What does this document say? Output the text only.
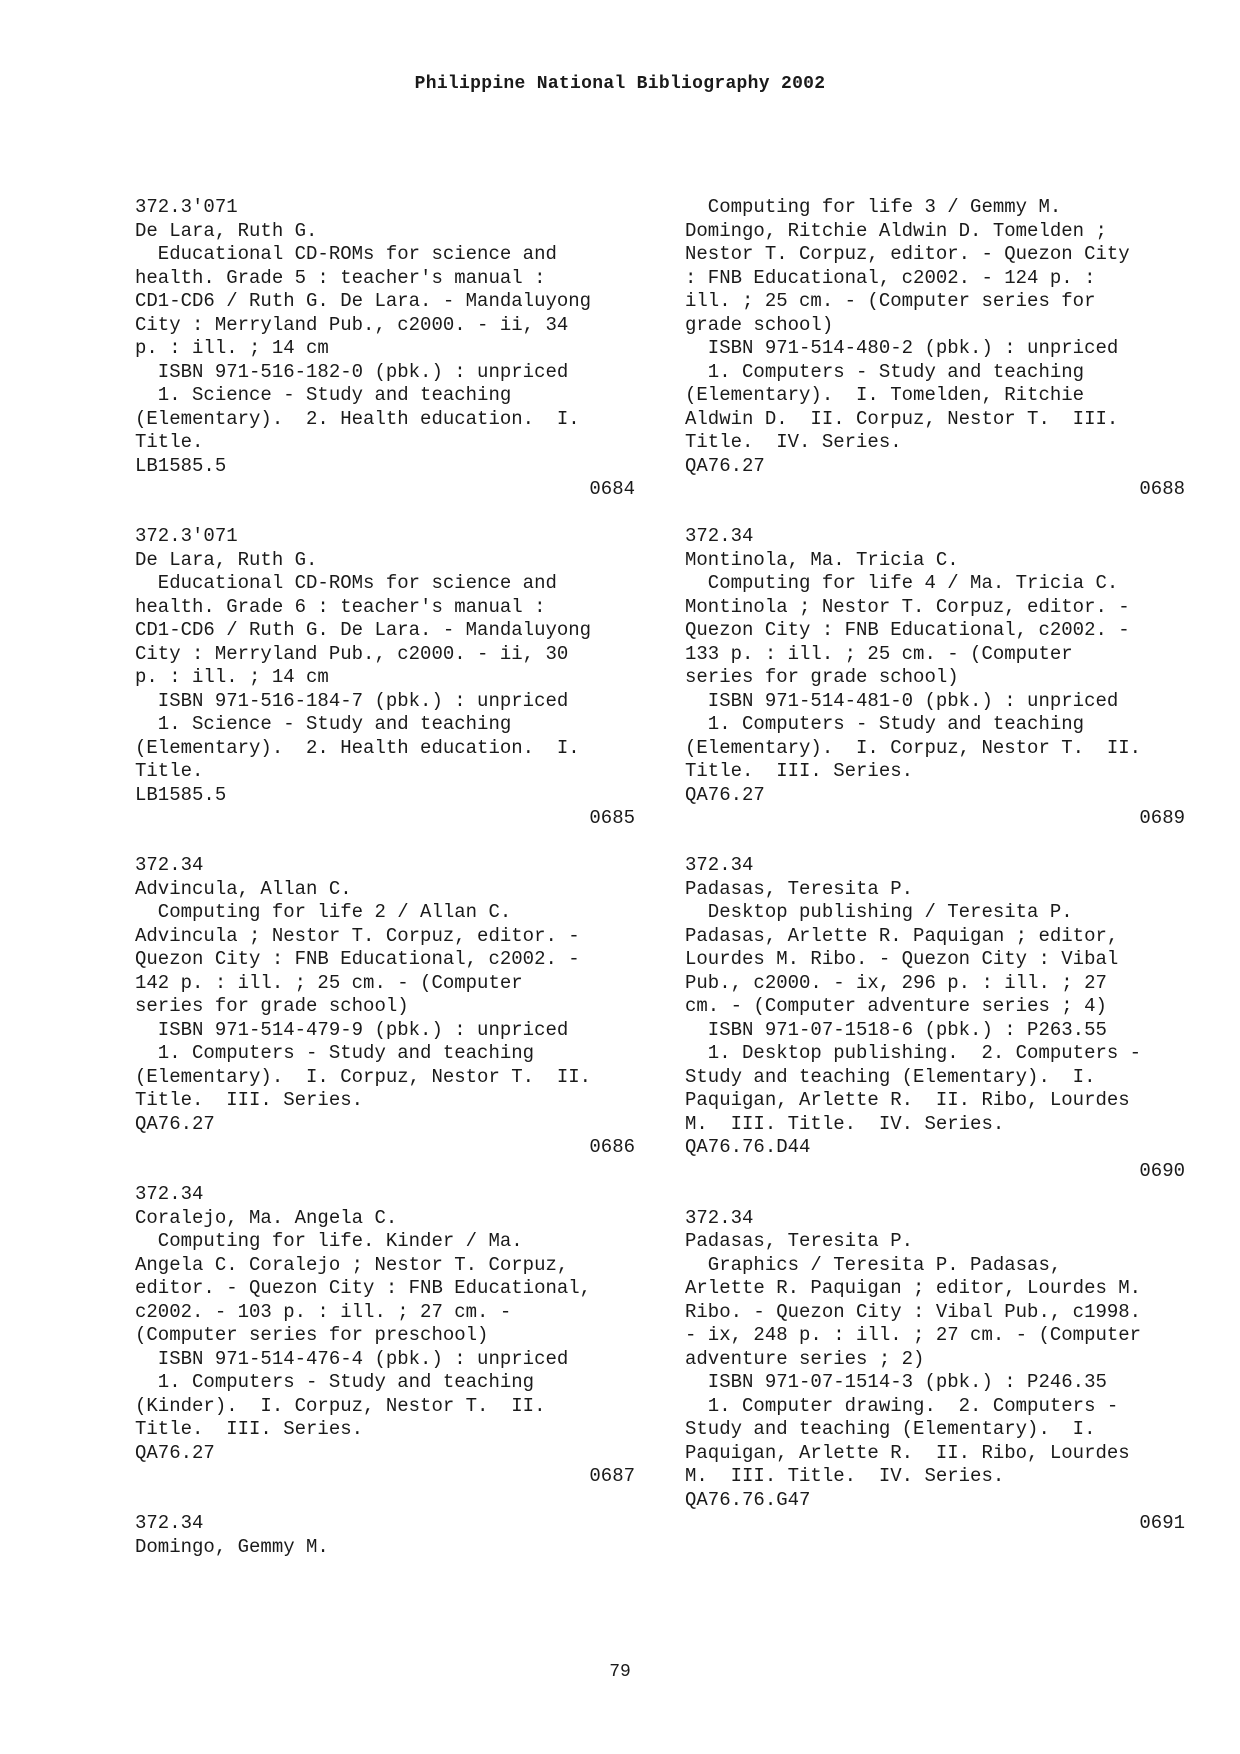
Philippine National Bibliography 2002
372.3'071
De Lara, Ruth G.
Educational CD-ROMs for science and
health. Grade 5 : teacher's manual :
CD1-CD6 / Ruth G. De Lara. - Mandaluyong
City : Merryland Pub., c2000. - ii, 34
p. : ill. ; 14 cm
ISBN 971-516-182-0 (pbk.) : unpriced
1. Science - Study and teaching
(Elementary).  2. Health education.  I.
Title.
LB1585.5
0684
372.3'071
De Lara, Ruth G.
Educational CD-ROMs for science and
health. Grade 6 : teacher's manual :
CD1-CD6 / Ruth G. De Lara. - Mandaluyong
City : Merryland Pub., c2000. - ii, 30
p. : ill. ; 14 cm
ISBN 971-516-184-7 (pbk.) : unpriced
1. Science - Study and teaching
(Elementary).  2. Health education.  I.
Title.
LB1585.5
0685
372.34
Advincula, Allan C.
Computing for life 2 / Allan C.
Advincula ; Nestor T. Corpuz, editor. -
Quezon City : FNB Educational, c2002. -
142 p. : ill. ; 25 cm. - (Computer
series for grade school)
ISBN 971-514-479-9 (pbk.) : unpriced
1. Computers - Study and teaching
(Elementary).  I. Corpuz, Nestor T.  II.
Title.  III. Series.
QA76.27
0686
372.34
Coralejo, Ma. Angela C.
Computing for life. Kinder / Ma.
Angela C. Coralejo ; Nestor T. Corpuz,
editor. - Quezon City : FNB Educational,
c2002. - 103 p. : ill. ; 27 cm. -
(Computer series for preschool)
ISBN 971-514-476-4 (pbk.) : unpriced
1. Computers - Study and teaching
(Kinder).  I. Corpuz, Nestor T.  II.
Title.  III. Series.
QA76.27
0687
372.34
Domingo, Gemmy M.
Computing for life 3 / Gemmy M.
Domingo, Ritchie Aldwin D. Tomelden ;
Nestor T. Corpuz, editor. - Quezon City
: FNB Educational, c2002. - 124 p. :
ill. ; 25 cm. - (Computer series for
grade school)
ISBN 971-514-480-2 (pbk.) : unpriced
1. Computers - Study and teaching
(Elementary).  I. Tomelden, Ritchie
Aldwin D.  II. Corpuz, Nestor T.  III.
Title.  IV. Series.
QA76.27
0688
372.34
Montinola, Ma. Tricia C.
Computing for life 4 / Ma. Tricia C.
Montinola ; Nestor T. Corpuz, editor. -
Quezon City : FNB Educational, c2002. -
133 p. : ill. ; 25 cm. - (Computer
series for grade school)
ISBN 971-514-481-0 (pbk.) : unpriced
1. Computers - Study and teaching
(Elementary).  I. Corpuz, Nestor T.  II.
Title.  III. Series.
QA76.27
0689
372.34
Padasas, Teresita P.
Desktop publishing / Teresita P.
Padasas, Arlette R. Paquigan ; editor,
Lourdes M. Ribo. - Quezon City : Vibal
Pub., c2000. - ix, 296 p. : ill. ; 27
cm. - (Computer adventure series ; 4)
ISBN 971-07-1518-6 (pbk.) : P263.55
1. Desktop publishing.  2. Computers -
Study and teaching (Elementary).  I.
Paquigan, Arlette R.  II. Ribo, Lourdes
M.  III. Title.  IV. Series.
QA76.76.D44
0690
372.34
Padasas, Teresita P.
Graphics / Teresita P. Padasas,
Arlette R. Paquigan ; editor, Lourdes M.
Ribo. - Quezon City : Vibal Pub., c1998.
- ix, 248 p. : ill. ; 27 cm. - (Computer
adventure series ; 2)
ISBN 971-07-1514-3 (pbk.) : P246.35
1. Computer drawing.  2. Computers -
Study and teaching (Elementary).  I.
Paquigan, Arlette R.  II. Ribo, Lourdes
M.  III. Title.  IV. Series.
QA76.76.G47
0691
79
